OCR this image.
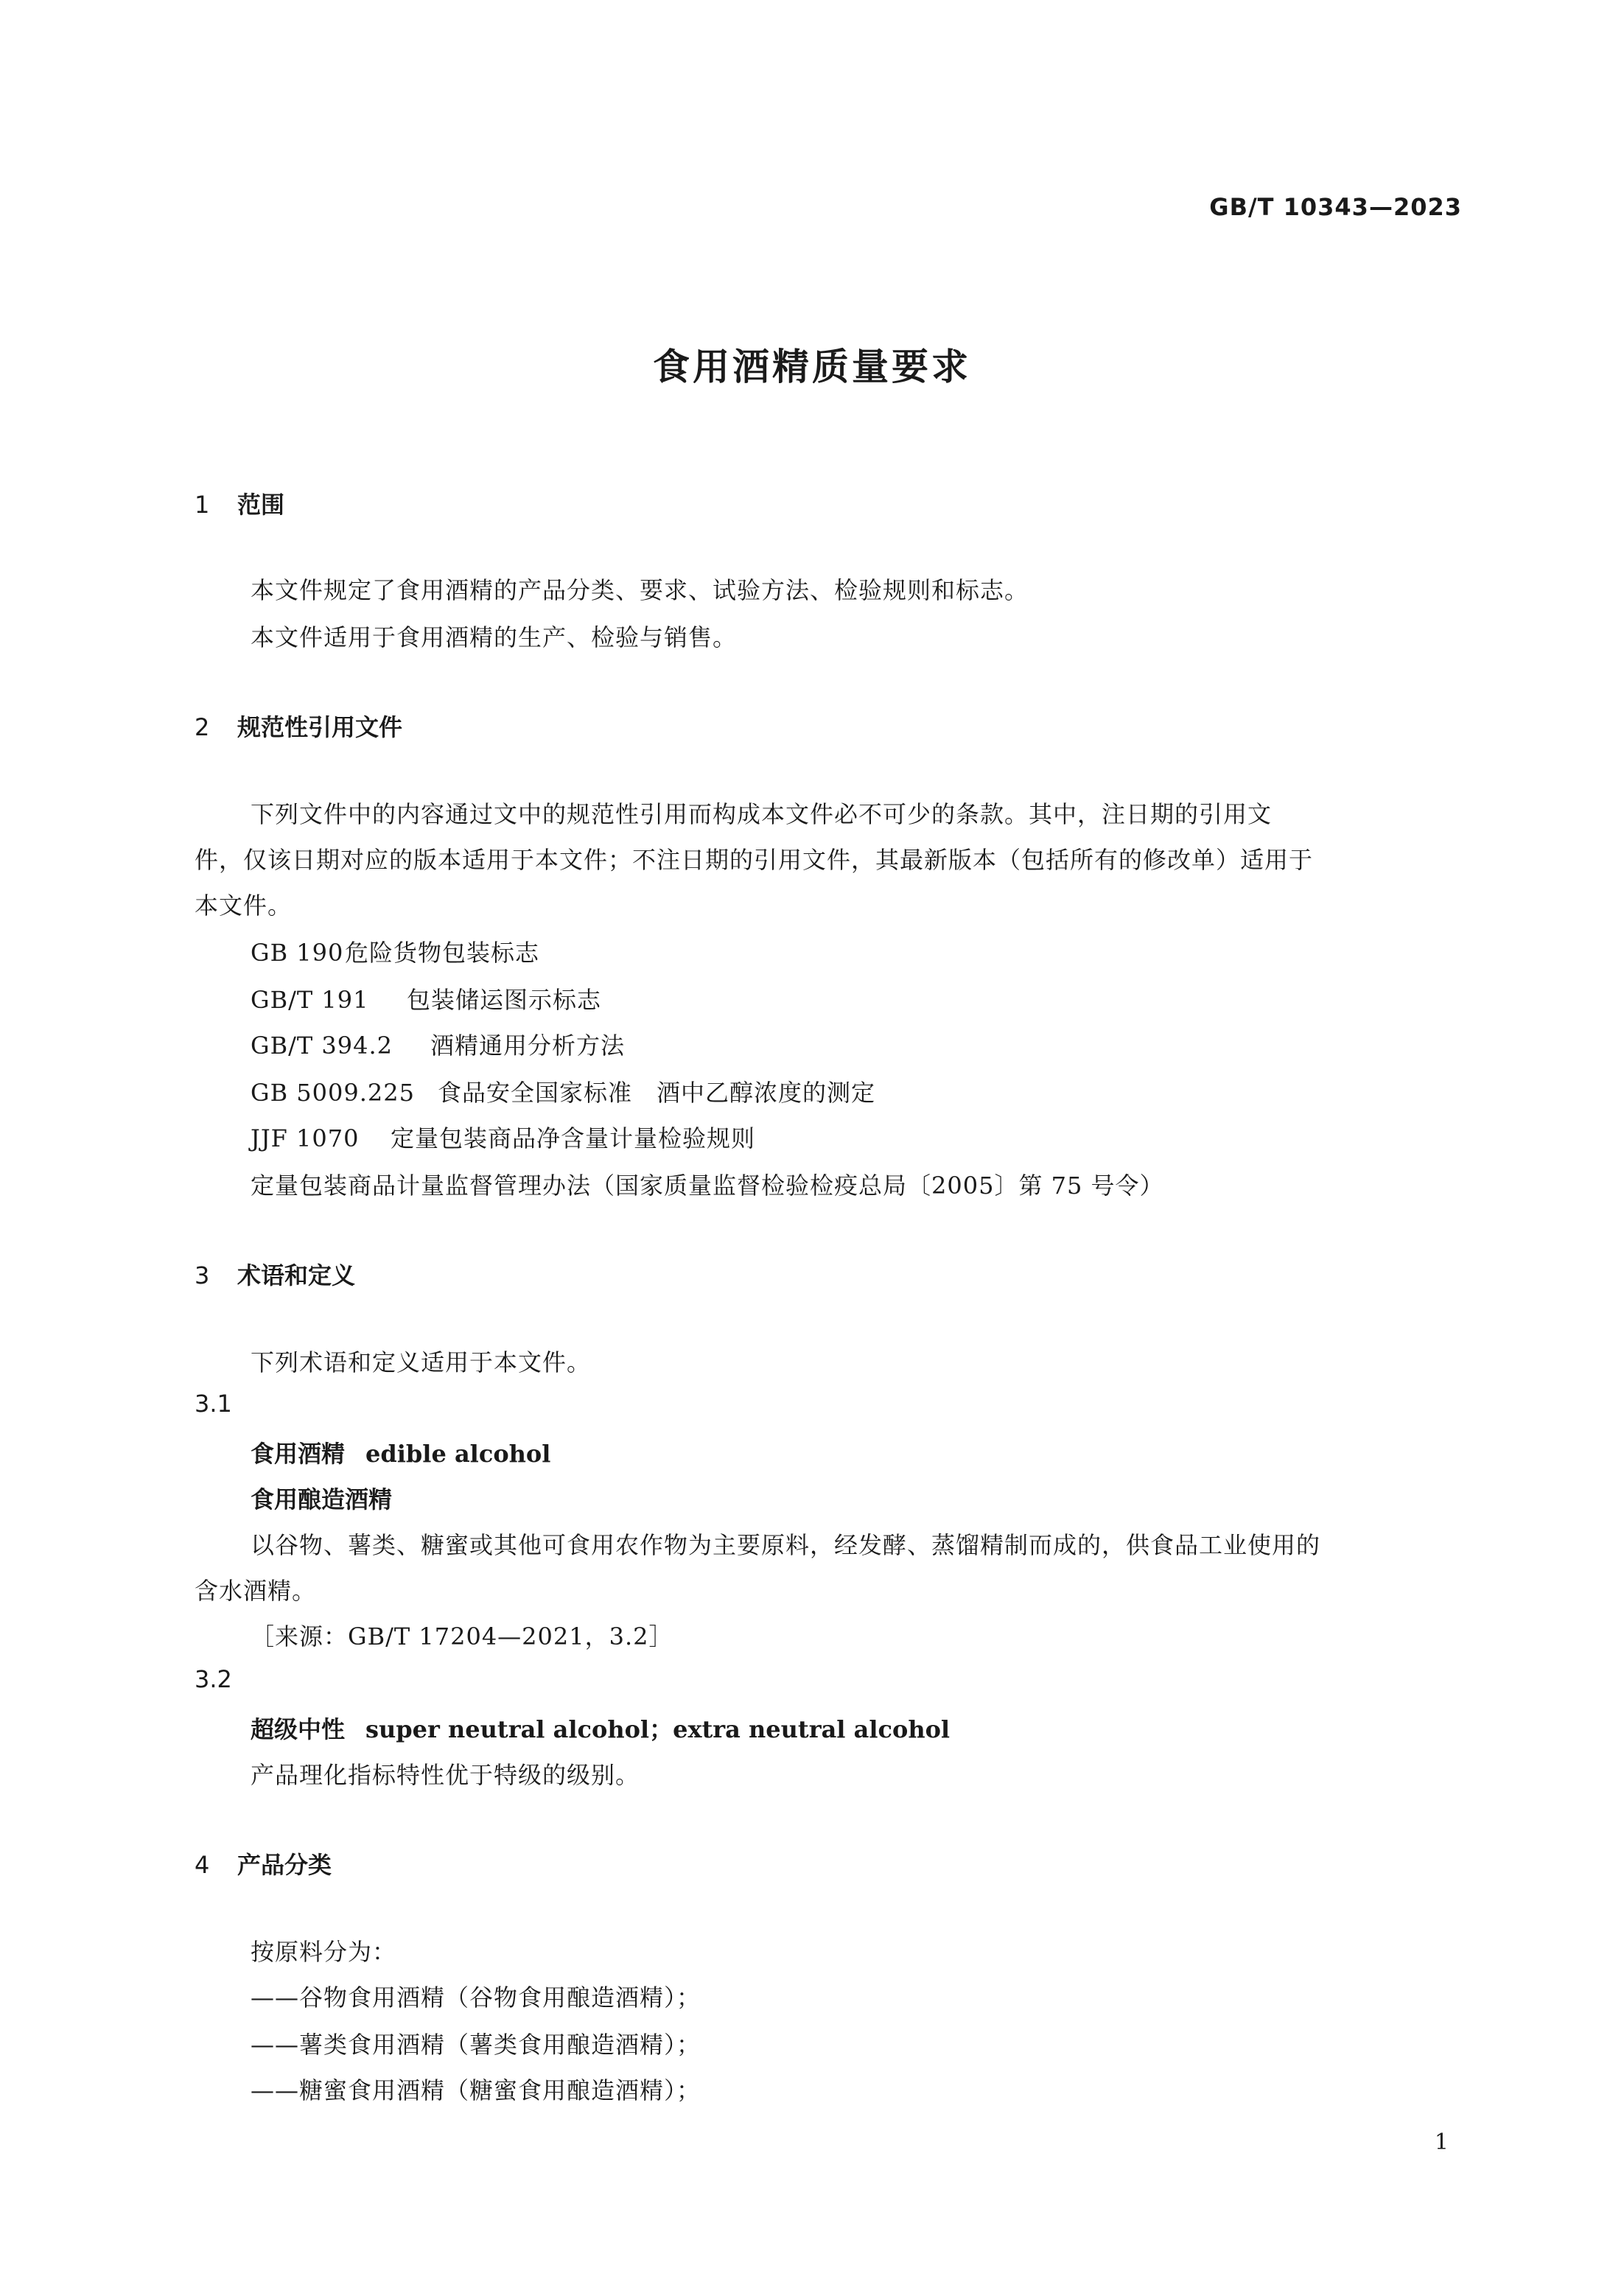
GB/T 10343—2023
食用酒精质量要求
1 范围
本文件规定了食用酒精的产品分类、要求、试验方法、检验规则和标志。
本文件适用于食用酒精的生产、检验与销售。
2 规范性引用文件
下列文件中的内容通过文中的规范性引用而构成本文件必不可少的条款。其中，注日期的引用文
件，仅该日期对应的版本适用于本文件；不注日期的引用文件，其最新版本（包括所有的修改单）适用于
本文件。
GB 190危险货物包装标志
GB/T 191 包装储运图示标志
GB/T 394.2 酒精通用分析方法
GB 5009.225 食品安全国家标准　酒中乙醇浓度的测定
JJF 1070 定量包装商品净含量计量检验规则
定量包装商品计量监督管理办法（国家质量监督检验检疫总局〔2005〕第 75 号令）
3 术语和定义
下列术语和定义适用于本文件。
3.1
食用酒精 edible alcohol
食用酿造酒精
以谷物、薯类、糖蜜或其他可食用农作物为主要原料，经发酵、蒸馏精制而成的，供食品工业使用的
含水酒精。
［来源：GB/T 17204—2021，3.2］
3.2
超级中性 super neutral alcohol；extra neutral alcohol
产品理化指标特性优于特级的级别。
4 产品分类
按原料分为：
——谷物食用酒精（谷物食用酿造酒精）；
——薯类食用酒精（薯类食用酿造酒精）；
——糖蜜食用酒精（糖蜜食用酿造酒精）；
1
